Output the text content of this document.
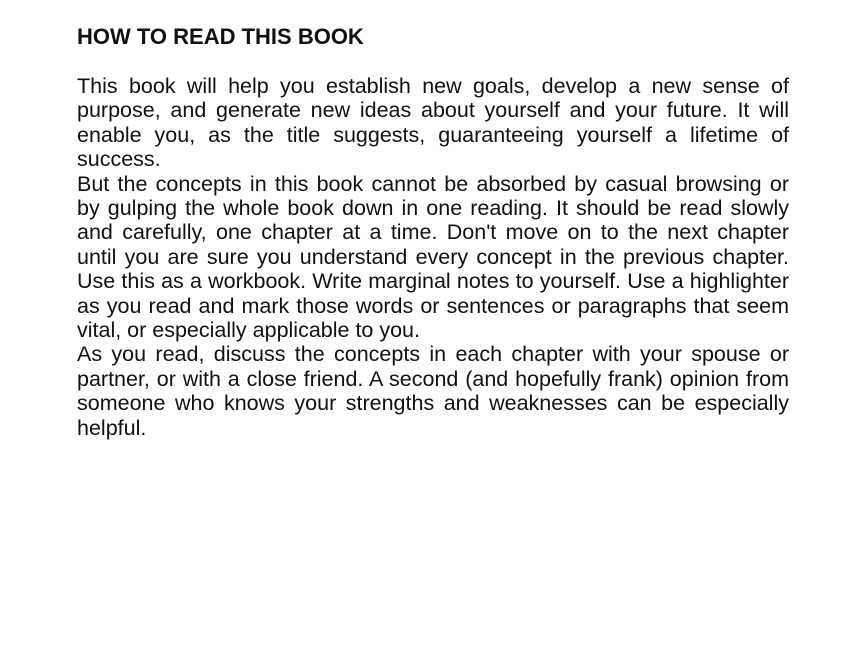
HOW TO READ THIS BOOK

This book will help you establish new goals, develop a new sense of purpose, and generate new ideas about yourself and your future. It will enable you, as the title suggests, guaranteeing yourself a lifetime of success.

But the concepts in this book cannot be absorbed by casual browsing or by gulping the whole book down in one reading. It should be read slowly and carefully, one chapter at a time. Don't move on to the next chapter until you are sure you understand every concept in the previous chapter. Use this as a workbook. Write marginal notes to yourself. Use a highlighter as you read and mark those words or sentences or paragraphs that seem vital, or especially applicable to you.

As you read, discuss the concepts in each chapter with your spouse or partner, or with a close friend. A second (and hopefully frank) opinion from someone who knows your strengths and weaknesses can be especially helpful.
